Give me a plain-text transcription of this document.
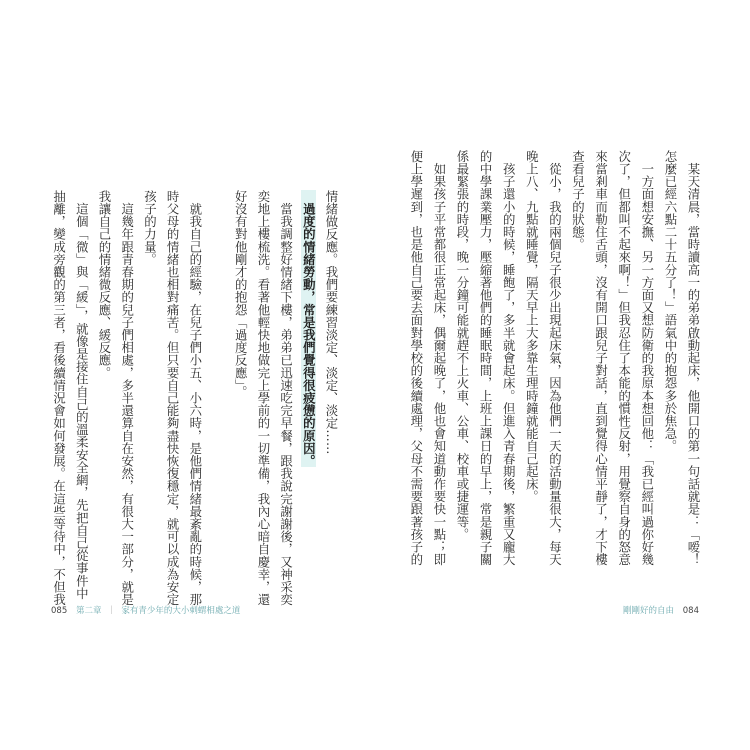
　某天清晨，當時讀高一的弟弟啟動起床，他開口的第一句話就是：「嗳！
怎麼已經六點二十五分了！」語氣中的抱怨多於焦急。
　一方面想安撫、另一方面又想防衛的我原本想回他：「我已經叫過你好幾
次了，但都叫不起來啊！」但我忍住了本能的慣性反射，用覺察自身的怒意
來當剎車而勒住舌頭，沒有開口跟兒子對話，直到覺得心情平靜了，才下樓
查看兒子的狀態。
　從小，我的兩個兒子很少出現起床氣，因為他們一天的活動量很大，每天
晚上八、九點就睡覺，隔天早上大多靠生理時鐘就能自己起床。
　孩子還小的時候，睡飽了，多半就會起床。但進入青春期後，繁重又龐大
的中學課業壓力，壓縮著他們的睡眠時間，上班上課日的早上，常是親子關
係最緊張的時段，晚一分鐘可能就趕不上火車、公車、校車或捷運等。
　如果孩子平常都很正常起床，偶爾起晚了，他也會知道動作要快一點；即
便上學遲到，也是他自己要去面對學校的後續處理，父母不需要跟著孩子的
情緒做反應。我們要練習淡定、淡定、淡定……
　過度的情緒勞動，常是我們覺得很疲憊的原因。
　當我調整好情緒下樓，弟弟已迅速吃完早餐，跟我說完謝謝後，又神采奕
奕地上樓梳洗。看著他輕快地做完上學前的一切準備，我內心暗自慶幸，還
好沒有對他剛才的抱怨「過度反應」。
　就我自己的經驗，在兒子們小五、小六時，是他們情緒最紊亂的時候，那
時父母的情緒也相對痛苦。但只要自己能夠盡快恢復穩定，就可以成為安定
孩子的力量。
　這幾年跟青春期的兒子們相處，多半還算自在安然，有很大一部分，就是
我讓自己的情緒微反應、緩反應。
　這個「微」與「緩」，就像是接住自己的溫柔安全網，先把自己從事件中
抽離，變成旁觀的第三者，看後續情況會如何發展。在這些等待中，不但我
085 第二章 ｜ 家有青少年的大小刺蝟相處之道	剛剛好的自由 084
